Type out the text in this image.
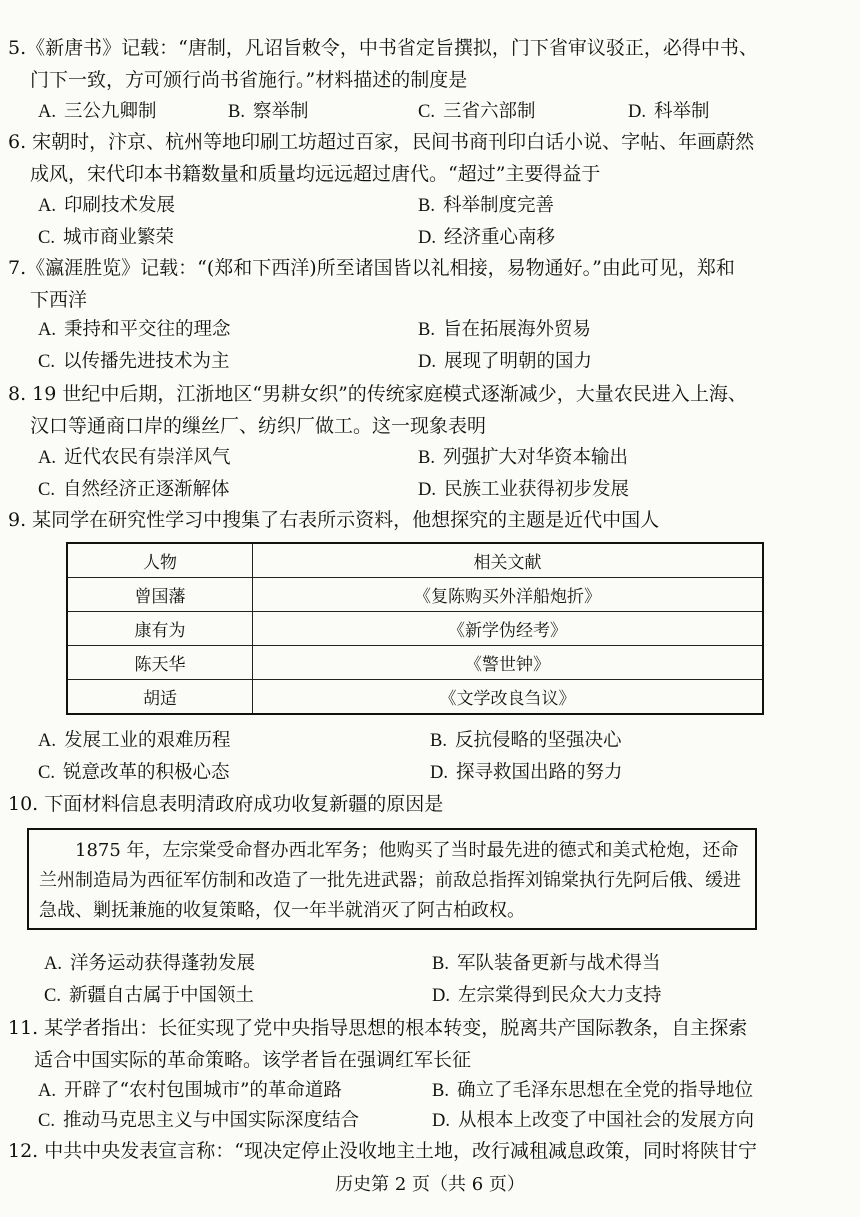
5.《新唐书》记载：“唐制，凡诏旨敕令，中书省定旨撰拟，门下省审议驳正，必得中书、
门下一致，方可颁行尚书省施行。”材料描述的制度是
A. 三公九卿制	B. 察举制	C. 三省六部制	D. 科举制
6. 宋朝时，汴京、杭州等地印刷工坊超过百家，民间书商刊印白话小说、字帖、年画蔚然
成风，宋代印本书籍数量和质量均远远超过唐代。“超过”主要得益于
A. 印刷技术发展	B. 科举制度完善
C. 城市商业繁荣	D. 经济重心南移
7.《瀛涯胜览》记载：“(郑和下西洋)所至诸国皆以礼相接，易物通好。”由此可见，郑和
下西洋
A. 秉持和平交往的理念	B. 旨在拓展海外贸易
C. 以传播先进技术为主	D. 展现了明朝的国力
8. 19 世纪中后期，江浙地区“男耕女织”的传统家庭模式逐渐减少，大量农民进入上海、
汉口等通商口岸的缫丝厂、纺织厂做工。这一现象表明
A. 近代农民有崇洋风气	B. 列强扩大对华资本输出
C. 自然经济正逐渐解体	D. 民族工业获得初步发展
9. 某同学在研究性学习中搜集了右表所示资料，他想探究的主题是近代中国人
人物	相关文献
曾国藩	《复陈购买外洋船炮折》
康有为	《新学伪经考》
陈天华	《警世钟》
胡适	《文学改良刍议》
A. 发展工业的艰难历程	B. 反抗侵略的坚强决心
C. 锐意改革的积极心态	D. 探寻救国出路的努力
10. 下面材料信息表明清政府成功收复新疆的原因是

1875 年，左宗棠受命督办西北军务；他购买了当时最先进的德式和美式枪炮，还命兰州制造局为西征军仿制和改造了一批先进武器；前敌总指挥刘锦棠执行先阿后俄、缓进急战、剿抚兼施的收复策略，仅一年半就消灭了阿古柏政权。

A. 洋务运动获得蓬勃发展	B. 军队装备更新与战术得当
C. 新疆自古属于中国领土	D. 左宗棠得到民众大力支持
11. 某学者指出：长征实现了党中央指导思想的根本转变，脱离共产国际教条，自主探索
适合中国实际的革命策略。该学者旨在强调红军长征
A. 开辟了“农村包围城市”的革命道路	B. 确立了毛泽东思想在全党的指导地位
C. 推动马克思主义与中国实际深度结合	D. 从根本上改变了中国社会的发展方向
12. 中共中央发表宣言称：“现决定停止没收地主土地，改行减租减息政策，同时将陕甘宁
历史第 2 页（共 6 页）
